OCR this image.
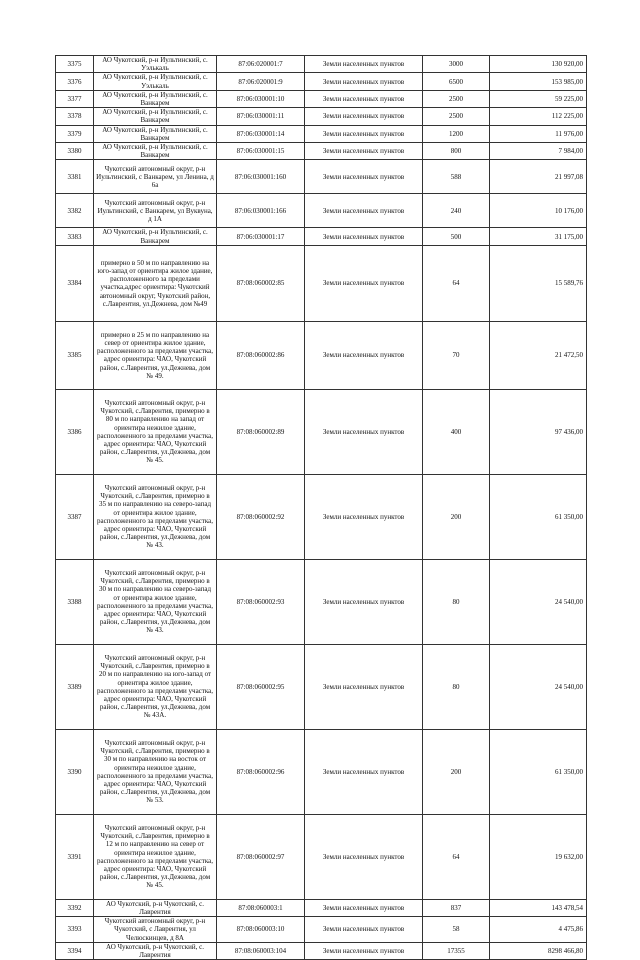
3375	АО Чукотский, р-н Иультинский, с. Уэлькаль	87:06:020001:7	Земли населенных пунктов	3000	130 920,00
3376	АО Чукотский, р-н Иультинский, с. Уэлькаль	87:06:020001:9	Земли населенных пунктов	6500	153 985,00
3377	АО Чукотский, р-н Иультинский, с. Ванкарем	87:06:030001:10	Земли населенных пунктов	2500	59 225,00
3378	АО Чукотский, р-н Иультинский, с. Ванкарем	87:06:030001:11	Земли населенных пунктов	2500	112 225,00
3379	АО Чукотский, р-н Иультинский, с. Ванкарем	87:06:030001:14	Земли населенных пунктов	1200	11 976,00
3380	АО Чукотский, р-н Иультинский, с. Ванкарем	87:06:030001:15	Земли населенных пунктов	800	7 984,00
3381	Чукотский автономный округ, р-н Иультинский, с Ванкарем, ул Ленина, д 6а	87:06:030001:160	Земли населенных пунктов	588	21 997,08
3382	Чукотский автономный округ, р-н Иультинский, с Ванкарем, ул Вуквуна, д 1А	87:06:030001:166	Земли населенных пунктов	240	10 176,00
3383	АО Чукотский, р-н Иультинский, с. Ванкарем	87:06:030001:17	Земли населенных пунктов	500	31 175,00
3384	примерно в 50 м по направлению на юго-запад от ориентира жилое здание, расположенного за пределами участка,адрес ориентира: Чукотский автономный округ, Чукотский район, с.Лаврентия, ул.Дежнева, дом №49	87:08:060002:85	Земли населенных пунктов	64	15 589,76
3385	примерно в 25 м по направлению на север от ориентира жилое здание, расположенного за пределами участка, адрес ориентира: ЧАО, Чукотский район, с.Лаврентия, ул.Дежнева, дом № 49.	87:08:060002:86	Земли населенных пунктов	70	21 472,50
3386	Чукотский автономный округ, р-н Чукотский, с.Лаврентия, примерно в 80 м по направлению на запад от ориентира нежилое здание, расположенного за пределами участка, адрес ориентира: ЧАО, Чукотский район, с.Лаврентия, ул.Дежнева, дом № 45.	87:08:060002:89	Земли населенных пунктов	400	97 436,00
3387	Чукотский автономный округ, р-н Чукотский, с.Лаврентия, примерно в 35 м по направлению на северо-запад от ориентира жилое здание, расположенного за пределами участка, адрес ориентира: ЧАО, Чукотский район, с.Лаврентия, ул.Дежнева, дом № 43.	87:08:060002:92	Земли населенных пунктов	200	61 350,00
3388	Чукотский автономный округ, р-н Чукотский, с.Лаврентия, примерно в 30 м по направлению на северо-запад от ориентира жилое здание, расположенного за пределами участка, адрес ориентира: ЧАО, Чукотский район, с.Лаврентия, ул.Дежнева, дом № 43.	87:08:060002:93	Земли населенных пунктов	80	24 540,00
3389	Чукотский автономный округ, р-н Чукотский, с.Лаврентия, примерно в 20 м по направлению на юго-запад от ориентира жилое здание, расположенного за пределами участка, адрес ориентира: ЧАО, Чукотский район, с.Лаврентия, ул.Дежнева, дом № 43А.	87:08:060002:95	Земли населенных пунктов	80	24 540,00
3390	Чукотский автономный округ, р-н Чукотский, с.Лаврентия, примерно в 30 м по направлению на восток от ориентира нежилое здание, расположенного за пределами участка, адрес ориентира: ЧАО, Чукотский район, с.Лаврентия, ул.Дежнева, дом № 53.	87:08:060002:96	Земли населенных пунктов	200	61 350,00
3391	Чукотский автономный округ, р-н Чукотский, с.Лаврентия, примерно в 12 м по направлению на север от ориентира нежилое здание, расположенного за пределами участка, адрес ориентира: ЧАО, Чукотский район, с.Лаврентия, ул.Дежнева, дом № 45.	87:08:060002:97	Земли населенных пунктов	64	19 632,00
3392	АО Чукотский, р-н Чукотский, с. Лаврентия	87:08:060003:1	Земли населенных пунктов	837	143 478,54
3393	Чукотский автономный округ, р-н Чукотский, с Лаврентия, ул Челюскинцев, д 8А	87:08:060003:10	Земли населенных пунктов	58	4 475,86
3394	АО Чукотский, р-н Чукотский, с. Лаврентия	87:08:060003:104	Земли населенных пунктов	17355	8298 466,80
